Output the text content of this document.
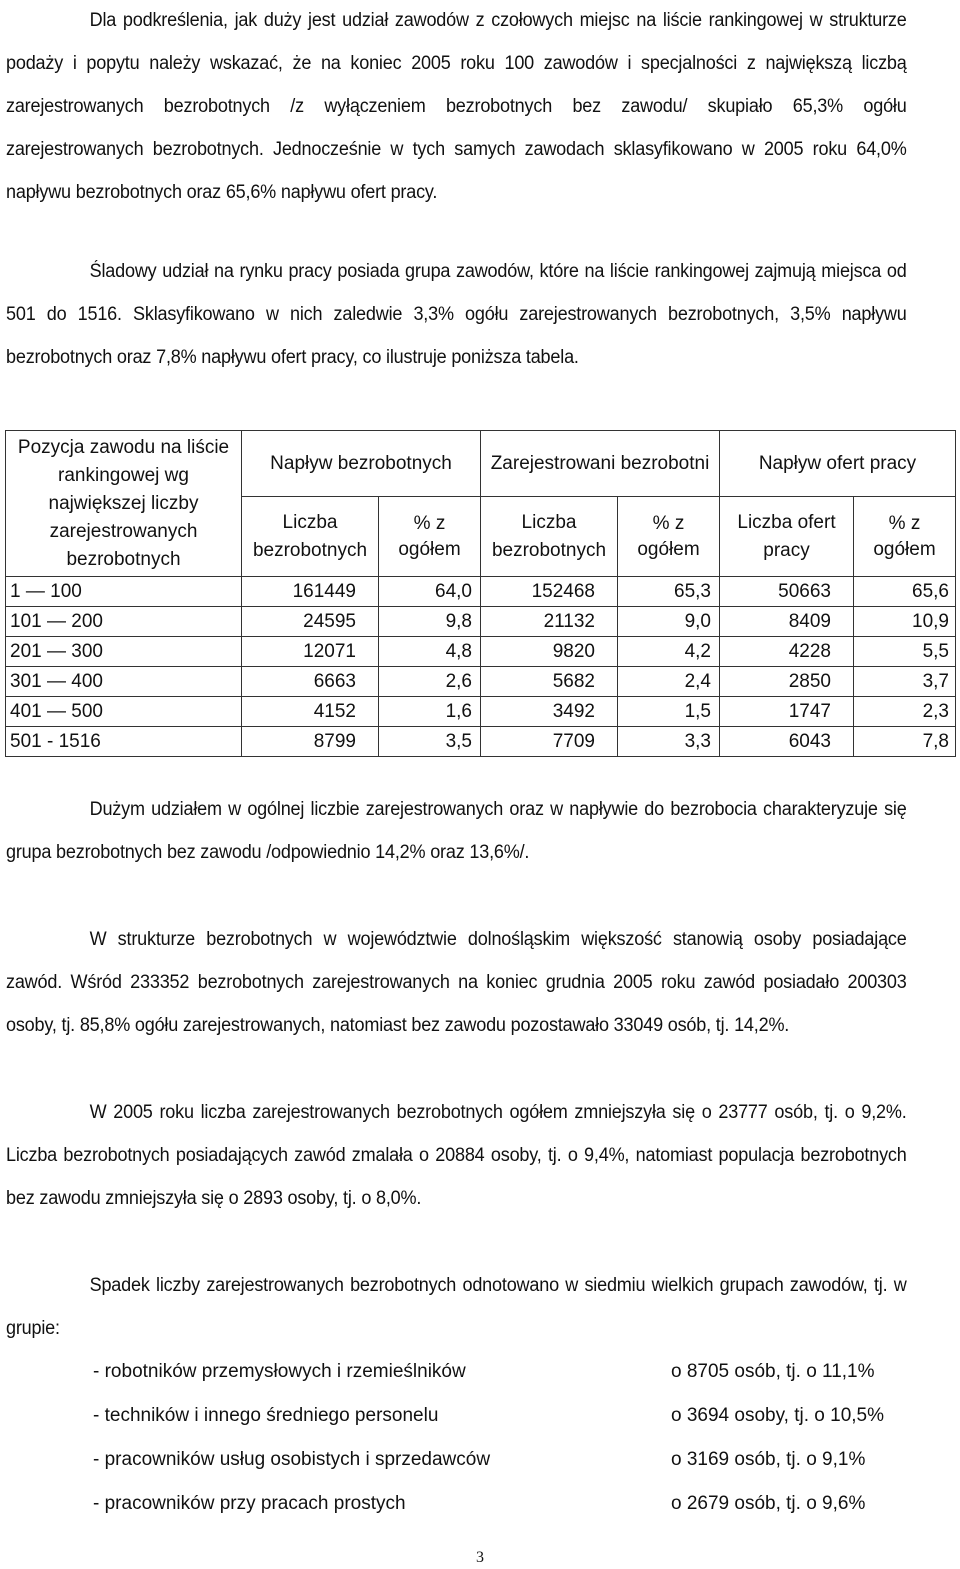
Dla podkreślenia, jak duży jest udział zawodów z czołowych miejsc na liście rankingowej w strukturze podaży i popytu należy wskazać, że na koniec 2005 roku 100 zawodów i specjalności z największą liczbą zarejestrowanych bezrobotnych /z wyłączeniem bezrobotnych bez zawodu/ skupiało 65,3% ogółu zarejestrowanych bezrobotnych. Jednocześnie w tych samych zawodach sklasyfikowano w 2005 roku 64,0% napływu bezrobotnych oraz 65,6% napływu ofert pracy.

Śladowy udział na rynku pracy posiada grupa zawodów, które na liście rankingowej zajmują miejsca od 501 do 1516. Sklasyfikowano w nich zaledwie 3,3% ogółu zarejestrowanych bezrobotnych, 3,5% napływu bezrobotnych oraz 7,8% napływu ofert pracy, co ilustruje poniższa tabela.

Pozycja zawodu na liście rankingowej wg największej liczby zarejestrowanych bezrobotnych	Napływ bezrobotnych		Zarejestrowani bezrobotni		Napływ ofert pracy	
	Liczba bezrobotnych	% z ogółem	Liczba bezrobotnych	% z ogółem	Liczba ofert pracy	% z ogółem
1 — 100	161449	64,0	152468	65,3	50663	65,6
101 — 200	24595	9,8	21132	9,0	8409	10,9
201 — 300	12071	4,8	9820	4,2	4228	5,5
301 — 400	6663	2,6	5682	2,4	2850	3,7
401 — 500	4152	1,6	3492	1,5	1747	2,3
501 - 1516	8799	3,5	7709	3,3	6043	7,8

Dużym udziałem w ogólnej liczbie zarejestrowanych oraz w napływie do bezrobocia charakteryzuje się grupa bezrobotnych bez zawodu /odpowiednio 14,2% oraz 13,6%/.

W strukturze bezrobotnych w województwie dolnośląskim większość stanowią osoby posiadające zawód. Wśród 233352 bezrobotnych zarejestrowanych na koniec grudnia 2005 roku zawód posiadało 200303 osoby, tj. 85,8% ogółu zarejestrowanych, natomiast bez zawodu pozostawało 33049 osób, tj. 14,2%.

W 2005 roku liczba zarejestrowanych bezrobotnych ogółem zmniejszyła się o 23777 osób, tj. o 9,2%. Liczba bezrobotnych posiadających zawód zmalała o 20884 osoby, tj. o 9,4%, natomiast populacja bezrobotnych bez zawodu zmniejszyła się o 2893 osoby, tj. o 8,0%.

Spadek liczby zarejestrowanych bezrobotnych odnotowano w siedmiu wielkich grupach zawodów, tj. w grupie:

- robotników przemysłowych i rzemieślników	o 8705 osób, tj. o 11,1%
- techników i innego średniego personelu	o 3694 osoby, tj. o 10,5%
- pracowników usług osobistych i sprzedawców	o 3169 osób, tj. o 9,1%
- pracowników przy pracach prostych	o 2679 osób, tj. o 9,6%
3
